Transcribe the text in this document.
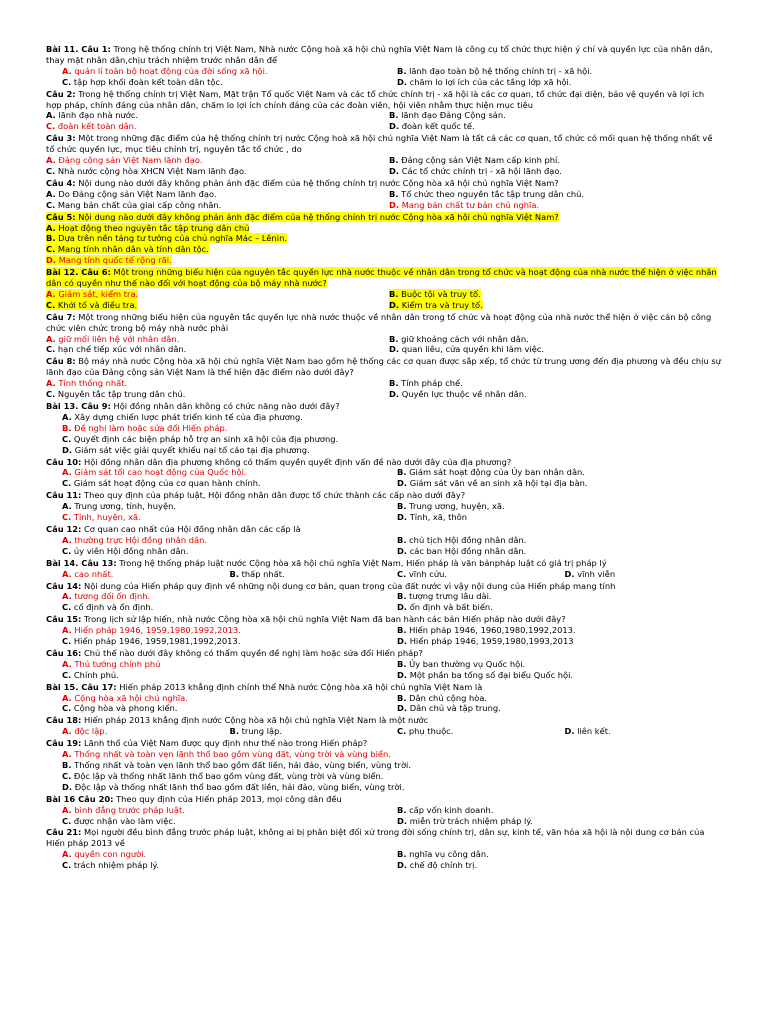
Bài 11. Câu 1: Trong hệ thống chính trị Việt Nam, Nhà nước Cộng hoà xã hội chủ nghĩa Việt Nam là công cụ tổ chức thực hiện ý chí và quyền lực của nhân dân, thay mặt nhân dân,chịu trách nhiệm trước nhân dân để
A. quản lí toàn bộ hoạt động của đời sống xã hội.	B. lãnh đạo toàn bộ hệ thống chính trị - xã hội.
C. tập hợp khối đoàn kết toàn dân tộc.	D. chăm lo lợi ích của các tầng lớp xã hội.
Câu 2: Trong hệ thống chính trị Việt Nam, Mặt trận Tổ quốc Việt Nam và các tổ chức chính trị - xã hội là các cơ quan, tổ chức đại diện, bảo vệ quyền và lợi ích hợp pháp, chính đáng của nhân dân, chăm lo lợi ích chính đáng của các đoàn viên, hội viên nhằm thực hiện mục tiêu
A. lãnh đạo nhà nước.	B. lãnh đạo Đảng Cộng sản.
C. đoàn kết toàn dân.	D. đoàn kết quốc tế.
Câu 3: Một trong những đặc điểm của hệ thống chính trị nước Cộng hoà xã hội chủ nghĩa Việt Nam là tất cả các cơ quan, tổ chức có mối quan hệ thống nhất về tổ chức quyền lực, mục tiêu chính trị, nguyên tắc tổ chức , do
A. Đảng cộng sản Việt Nam lãnh đạo.	B. Đảng cộng sản Việt Nam cấp kinh phí.
C. Nhà nước cộng hòa XHCN Việt Nam lãnh đạo.	D. Các tổ chức chính trị - xã hội lãnh đạo.
Câu 4: Nội dung nào dưới đây không phản ánh đặc điểm của hệ thống chính trị nước Cộng hòa xã hội chủ nghĩa Việt Nam?
A. Do Đảng cộng sản Việt Nam lãnh đạo.	B. Tổ chức theo nguyên tắc tập trung dân chủ.
C. Mang bản chất của giai cấp công nhân.	D. Mang bản chất tư bản chủ nghĩa.
Câu 5: Nội dung nào dưới đây không phản ánh đặc điểm của hệ thống chính trị nước Cộng hòa xã hội chủ nghĩa Việt Nam?
A. Hoạt động theo nguyên tắc tập trung dân chủ
B. Dựa trên nền tảng tư tưởng của chủ nghĩa Mác – Lênin.
C. Mang tính nhân dân và tính dân tộc.
D. Mang tính quốc tế rộng rãi.
Bài 12. Câu 6: Một trong những biểu hiện của nguyên tắc quyền lực nhà nước thuộc về nhân dân trong tổ chức và hoạt động của nhà nước thể hiện ở việc nhân dân có quyền như thế nào đối với hoạt động của bộ máy nhà nước?
A. Giám sát, kiểm tra.	B. Buộc tội và truy tố.
C. Khởi tố và điều tra.	D. Kiểm tra và truy tố.
Câu 7: Một trong những biểu hiện của nguyên tắc quyền lực nhà nước thuộc về nhân dân trong tổ chức và hoạt động của nhà nước thể hiện ở việc cán bộ công chức viên chức trong bộ máy nhà nước phải
A. giữ mối liên hệ với nhân dân.	B. giữ khoảng cách với nhân dân.
C. hạn chế tiếp xúc với nhân dân.	D. quan liêu, cửa quyền khi làm việc.
Câu 8: Bộ máy nhà nước Cộng hòa xã hội chủ nghĩa Việt Nam bao gồm hệ thống các cơ quan được sắp xếp, tổ chức từ trung ương đến địa phương và đều chịu sự lãnh đạo của Đảng cộng sản Việt Nam là thể hiện đặc điểm nào dưới đây?
A. Tính thống nhất.	B. Tính pháp chế.
C. Nguyên tắc tập trung dân chủ.	D. Quyền lực thuộc về nhân dân.
Bài 13. Câu 9: Hội đồng nhân dân không có chức năng nào dưới đây?
A. Xây dựng chiến lược phát triển kinh tế của địa phương.
B. Đề nghị làm hoặc sửa đổi Hiến pháp.
C. Quyết định các biện pháp hỗ trợ an sinh xã hội của địa phương.
D. Giám sát việc giải quyết khiếu nại tố cáo tại địa phương.
Câu 10: Hội đồng nhân dân địa phương không có thẩm quyền quyết định vấn đề nào dưới đây của địa phương?
A. Giám sát tối cao hoạt động của Quốc hội.	B. Giám sát hoạt động của Ủy ban nhân dân.
C. Giám sát hoạt động của cơ quan hành chính.	D. Giám sát văn về an sinh xã hội tại địa bàn.
Câu 11: Theo quy định của pháp luật, Hội đồng nhân dân được tổ chức thành các cấp nào dưới đây?
A. Trung ương, tỉnh, huyện.	B. Trung ương, huyện, xã.
C. Tỉnh, huyện, xã.	D. Tỉnh, xã, thôn
Câu 12: Cơ quan cao nhất của Hội đồng nhân dân các cấp là
A. thường trực Hội đồng nhân dân.	B. chủ tịch Hội đồng nhân dân.
C. ủy viên Hội đồng nhân dân.	D. các ban Hội đồng nhân dân.
Bài 14. Câu 13: Trong hệ thống pháp luật nước Cộng hòa xã hội chủ nghĩa Việt Nam, Hiến pháp là văn bảnpháp luật có giá trị pháp lý
A. cao nhất.	B. thấp nhất.	C. vĩnh cửu.	D. vĩnh viễn
Câu 14: Nội dung của Hiến pháp quy định về những nội dung cơ bản, quan trọng của đất nước vì vậy nội dung của Hiến pháp mang tính
A. tương đối ổn định.	B. tượng trưng lâu dài.
C. cố định và ổn định.	D. ổn định và bất biến.
Câu 15: Trong lịch sử lập hiến, nhà nước Cộng hòa xã hội chủ nghĩa Việt Nam đã ban hành các bản Hiến pháp nào dưới đây?
A. Hiến pháp 1946, 1959,1980,1992,2013.	B. Hiến pháp 1946, 1960,1980,1992,2013.
C. Hiến pháp 1946, 1959,1981,1992,2013.	D. Hiến pháp 1946, 1959,1980,1993,2013
Câu 16: Chủ thể nào dưới đây không có thẩm quyền đề nghị làm hoặc sửa đổi Hiến pháp?
A. Thủ tướng chính phủ	B. Ủy ban thường vụ Quốc hội.
C. Chính phủ.	D. Một phần ba tổng số đại biểu Quốc hội.
Bài 15. Câu 17: Hiến pháp 2013 khẳng định chính thể Nhà nước Cộng hòa xã hội chủ nghĩa Việt Nam là
A. Cộng hòa xã hội chủ nghĩa.	B. Dân chủ cộng hòa.
C. Cộng hòa và phong kiến.	D. Dân chủ và tập trung.
Câu 18: Hiến pháp 2013 khẳng định nước Cộng hòa xã hội chủ nghĩa Việt Nam là một nước
A. độc lập.	B. trung lập.	C. phụ thuộc.	D. liên kết.
Câu 19: Lãnh thổ của Việt Nam được quy định như thế nào trong Hiến pháp?
A. Thống nhất và toàn vẹn lãnh thổ bao gồm vùng đất, vùng trời và vùng biển.
B. Thống nhất và toàn vẹn lãnh thổ bao gồm đất liền, hải đảo, vùng biển, vùng trời.
C. Độc lập và thống nhất lãnh thổ bao gồm vùng đất, vùng trời và vùng biển.
D. Độc lập và thống nhất lãnh thổ bao gồm đất liền, hải đảo, vùng biển, vùng trời.
Bài 16 Câu 20: Theo quy định của Hiến pháp 2013, mọi công dân đều
A. bình đẳng trước pháp luật.	B. cấp vốn kinh doanh.
C. được nhận vào làm việc.	D. miễn trừ trách nhiệm pháp lý.
Câu 21: Mọi người đều bình đẳng trước pháp luật, không ai bị phân biệt đối xử trong đời sống chính trị, dân sự, kinh tế, văn hóa xã hội là nội dung cơ bản của Hiến pháp 2013 về
A. quyền con người.	B. nghĩa vụ công dân.
C. trách nhiệm pháp lý.	D. chế độ chính trị.
